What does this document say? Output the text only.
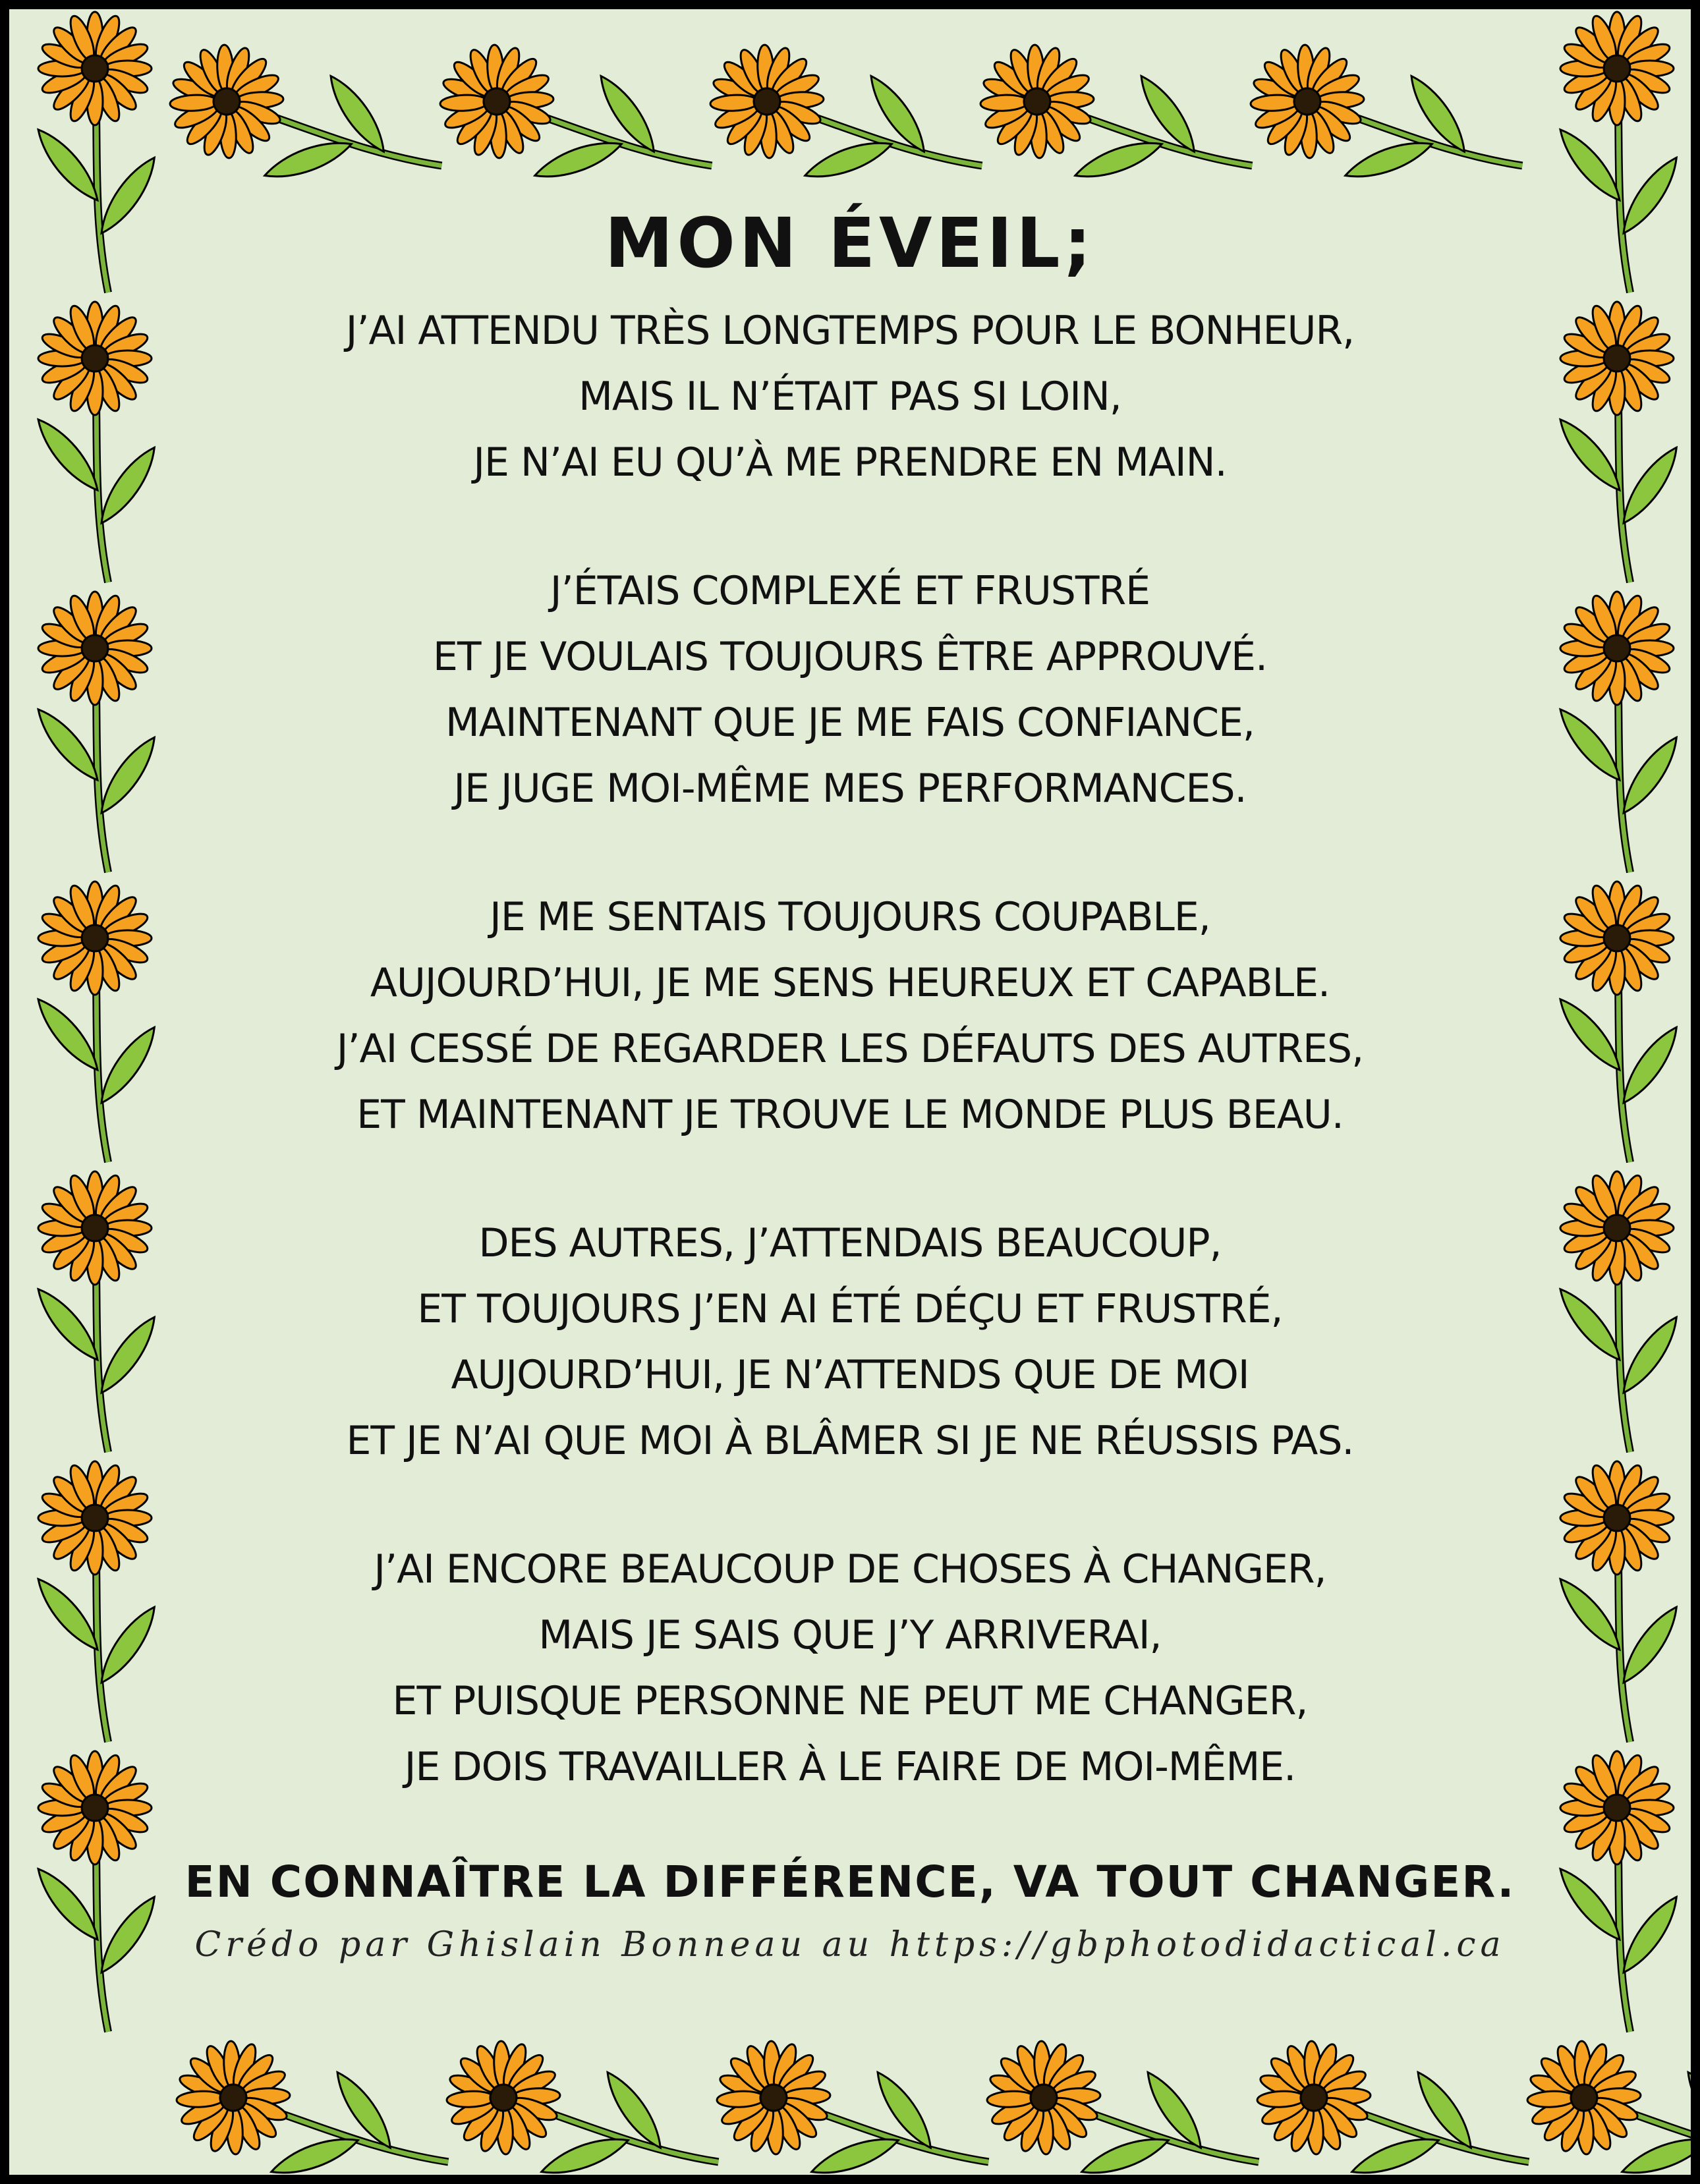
MON ÉVEIL;
J’AI ATTENDU TRÈS LONGTEMPS POUR LE BONHEUR,
MAIS IL N’ÉTAIT PAS SI LOIN,
JE N’AI EU QU’À ME PRENDRE EN MAIN.
J’ÉTAIS COMPLEXÉ ET FRUSTRÉ
ET JE VOULAIS TOUJOURS ÊTRE APPROUVÉ.
MAINTENANT QUE JE ME FAIS CONFIANCE,
JE JUGE MOI-MÊME MES PERFORMANCES.
JE ME SENTAIS TOUJOURS COUPABLE,
AUJOURD’HUI, JE ME SENS HEUREUX ET CAPABLE.
J’AI CESSÉ DE REGARDER LES DÉFAUTS DES AUTRES,
ET MAINTENANT JE TROUVE LE MONDE PLUS BEAU.
DES AUTRES, J’ATTENDAIS BEAUCOUP,
ET TOUJOURS J’EN AI ÉTÉ DÉÇU ET FRUSTRÉ,
AUJOURD’HUI, JE N’ATTENDS QUE DE MOI
ET JE N’AI QUE MOI À BLÂMER SI JE NE RÉUSSIS PAS.
J’AI ENCORE BEAUCOUP DE CHOSES À CHANGER,
MAIS JE SAIS QUE J’Y ARRIVERAI,
ET PUISQUE PERSONNE NE PEUT ME CHANGER,
JE DOIS TRAVAILLER À LE FAIRE DE MOI-MÊME.
EN CONNAÎTRE LA DIFFÉRENCE, VA TOUT CHANGER.
Crédo par Ghislain Bonneau au https://gbphotodidactical.ca
